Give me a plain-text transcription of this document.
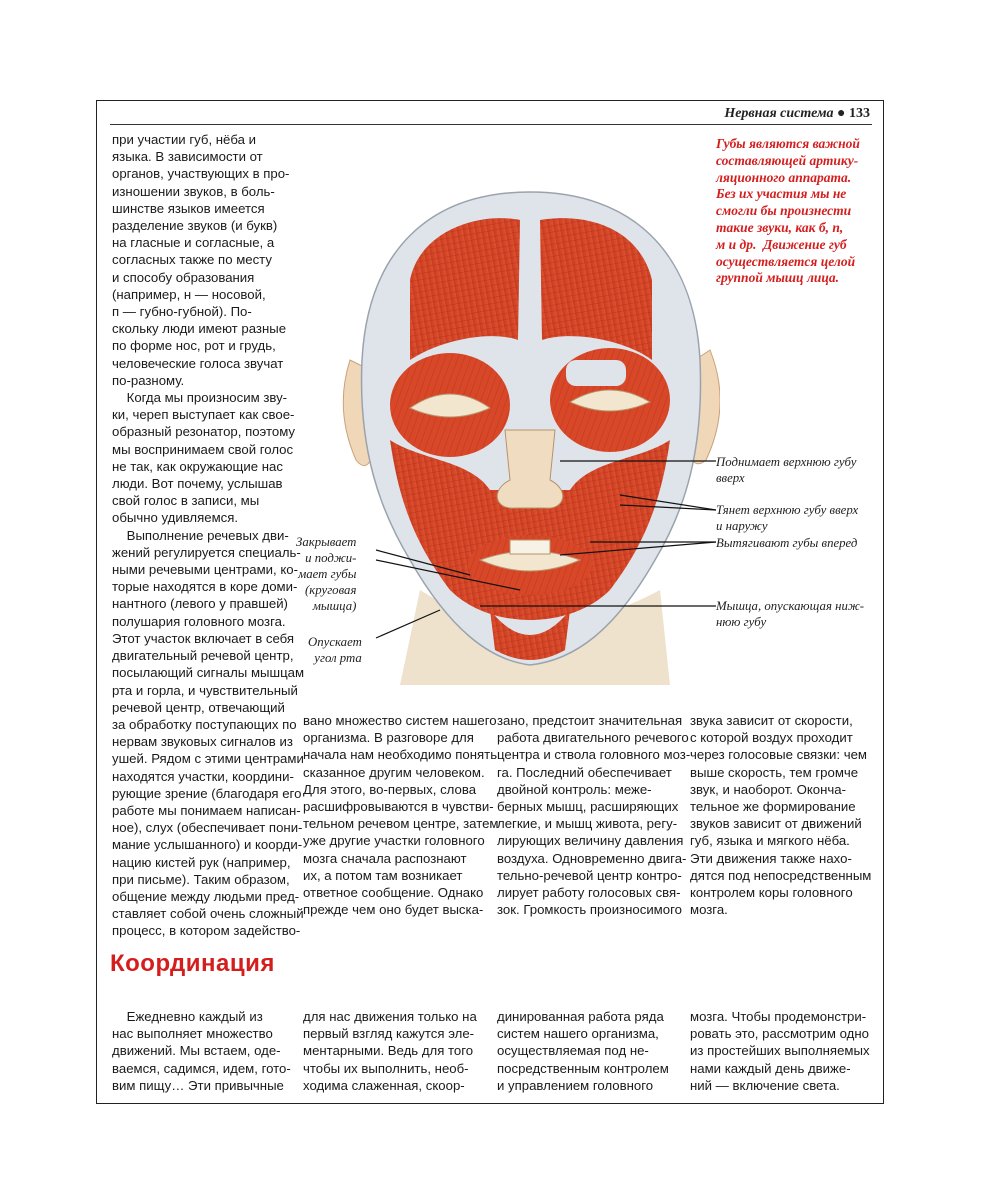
Нервная система ● 133

при участии губ, нёба и
языка. В зависимости от
органов, участвующих в про-
изношении звуков, в боль-
шинстве языков имеется
разделение звуков (и букв)
на гласные и согласные, а
согласных также по месту
и способу образования
(например, н — носовой,
п — губно-губной). По-
скольку люди имеют разные
по форме нос, рот и грудь,
человеческие голоса звучат
по-разному.
Когда мы произносим зву-
ки, череп выступает как свое-
образный резонатор, поэтому
мы воспринимаем свой голос
не так, как окружающие нас
люди. Вот почему, услышав
свой голос в записи, мы
обычно удивляемся.
Выполнение речевых дви-
жений регулируется специаль-
ными речевыми центрами, ко-
торые находятся в коре доми-
нантного (левого у правшей)
полушария головного мозга.
Этот участок включает в себя
двигательный речевой центр,
посылающий сигналы мышцам
рта и горла, и чувствительный
речевой центр, отвечающий
за обработку поступающих по
нервам звуковых сигналов из
ушей. Рядом с этими центрами
находятся участки, координи-
рующие зрение (благодаря его
работе мы понимаем написан-
ное), слух (обеспечивает пони-
мание услышанного) и коорди-
нацию кистей рук (например,
при письме). Таким образом,
общение между людьми пред-
ставляет собой очень сложный
процесс, в котором задейство-

Губы являются важной
составляющей артику-
ляционного аппарата.
Без их участия мы не
смогли бы произнести
такие звуки, как б, п,
м и др.  Движение губ
осуществляется целой
группой мышц лица.

Поднимает верхнюю губу
вверх

Тянет верхнюю губу вверх
и наружу

Вытягивают губы вперед

Мышца, опускающая ниж-
нюю губу

Закрывает
и поджи-
мает губы
(круговая
мышца)

Опускает
угол рта

вано множество систем нашего
организма. В разговоре для
начала нам необходимо понять
сказанное другим человеком.
Для этого, во-первых, слова
расшифровываются в чувстви-
тельном речевом центре, затем
уже другие участки головного
мозга сначала распознают
их, а потом там возникает
ответное сообщение. Однако
прежде чем оно будет выска-

зано, предстоит значительная
работа двигательного речевого
центра и ствола головного моз-
га. Последний обеспечивает
двойной контроль: меже-
берных мышц, расширяющих
легкие, и мышц живота, регу-
лирующих величину давления
воздуха. Одновременно двига-
тельно-речевой центр контро-
лирует работу голосовых свя-
зок. Громкость произносимого

звука зависит от скорости,
с которой воздух проходит
через голосовые связки: чем
выше скорость, тем громче
звук, и наоборот. Оконча-
тельное же формирование
звуков зависит от движений
губ, языка и мягкого нёба.
Эти движения также нахо-
дятся под непосредственным
контролем коры головного
мозга.

Координация

Ежедневно каждый из
нас выполняет множество
движений. Мы встаем, оде-
ваемся, садимся, идем, гото-
вим пищу… Эти привычные

для нас движения только на
первый взгляд кажутся эле-
ментарными. Ведь для того
чтобы их выполнить, необ-
ходима слаженная, скоор-

динированная работа ряда
систем нашего организма,
осуществляемая под не-
посредственным контролем
и управлением головного

мозга. Чтобы продемонстри-
ровать это, рассмотрим одно
из простейших выполняемых
нами каждый день движе-
ний — включение света.
